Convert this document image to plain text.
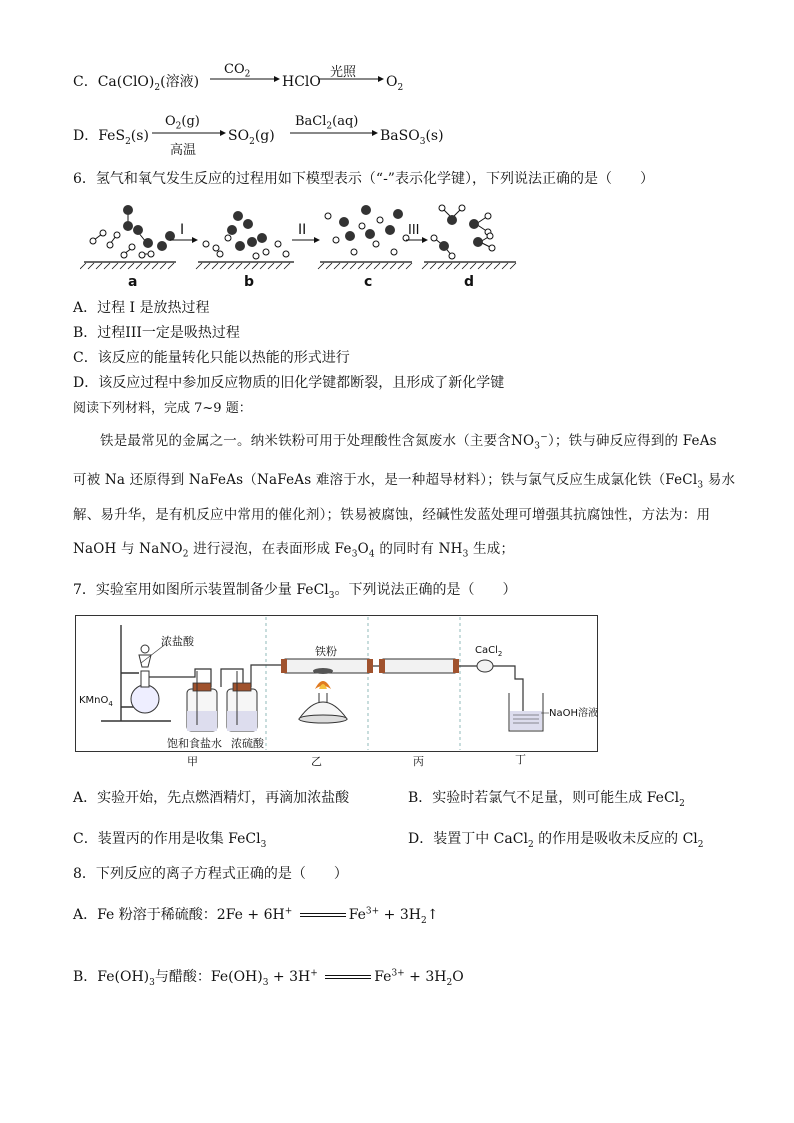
C．$Ca(ClO)_2$(溶液)
$CO_2$ HClO
光照
$O_2$
D．FeS$_2$(s)
$O_2(g)$
高温
$SO_2(g)$
BaCl$_2$(aq)
BaSO$_3$(s)
6．氢气和氧气发生反应的过程用如下模型表示（“-”表示化学键），下列说法正确的是（　　）
I	II	III
a	b	c	d
A．过程 I 是放热过程
B．过程III一定是吸热过程
C．该反应的能量转化只能以热能的形式进行
D．该反应过程中参加反应物质的旧化学键都断裂，且形成了新化学键
阅读下列材料，完成 7~9 题：
铁是最常见的金属之一。纳米铁粉可用于处理酸性含氮废水（主要含$NO_3^-$）；铁与砷反应得到的 FeAs
可被 Na 还原得到 NaFeAs（NaFeAs 难溶于水，是一种超导材料）；铁与氯气反应生成氯化铁（FeCl$_3$ 易水
解、易升华，是有机反应中常用的催化剂）；铁易被腐蚀，经碱性发蓝处理可增强其抗腐蚀性，方法为：用
NaOH 与 NaNO$_2$ 进行浸泡，在表面形成 $Fe_3O_4$ 的同时有 $NH_3$ 生成；
7．实验室用如图所示装置制备少量 FeCl$_3$。下列说法正确的是（　　）
浓盐酸
KMnO$_4$
饱和食盐水 浓硫酸
铁粉	CaCl$_2$
NaOH溶液
甲	乙	丙	丁
A．实验开始，先点燃酒精灯，再滴加浓盐酸	B．实验时若氯气不足量，则可能生成 FeCl$_2$
C．装置丙的作用是收集 FeCl$_3$	D．装置丁中 CaCl$_2$ 的作用是吸收未反应的 $Cl_2$
8．下列反应的离子方程式正确的是（　　）
A．Fe 粉溶于稀硫酸：2Fe + 6H+	$Fe^{3+}$ + $3H_2↑$
B．$Fe(OH)_3$与醋酸：$Fe(OH)_3 + 3H^+$	$Fe^{3+} + 3H_2O$
